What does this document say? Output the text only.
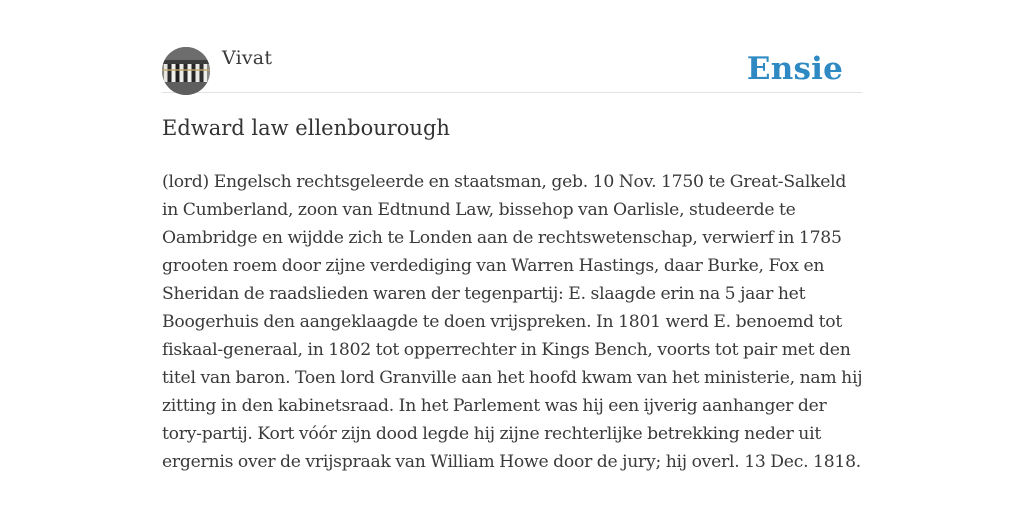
Vivat	Ensie
Edward law ellenbourough

(lord) Engelsch rechtsgeleerde en staatsman, geb. 10 Nov. 1750 te Great-Salkeld in Cumberland, zoon van Edtnund Law, bissehop van Oarlisle, studeerde te Oambridge en wijdde zich te Londen aan de rechtswetenschap, verwierf in 1785 grooten roem door zijne verdediging van Warren Hastings, daar Burke, Fox en Sheridan de raadslieden waren der tegenpartij: E. slaagde erin na 5 jaar het Boogerhuis den aangeklaagde te doen vrijspreken. In 1801 werd E. benoemd tot fiskaal-generaal, in 1802 tot opperrechter in Kings Bench, voorts tot pair met den titel van baron. Toen lord Granville aan het hoofd kwam van het ministerie, nam hij zitting in den kabinetsraad. In het Parlement was hij een ijverig aanhanger der tory-partij. Kort vóór zijn dood legde hij zijne rechterlijke betrekking neder uit ergernis over de vrijspraak van William Howe door de jury; hij overl. 13 Dec. 1818.
